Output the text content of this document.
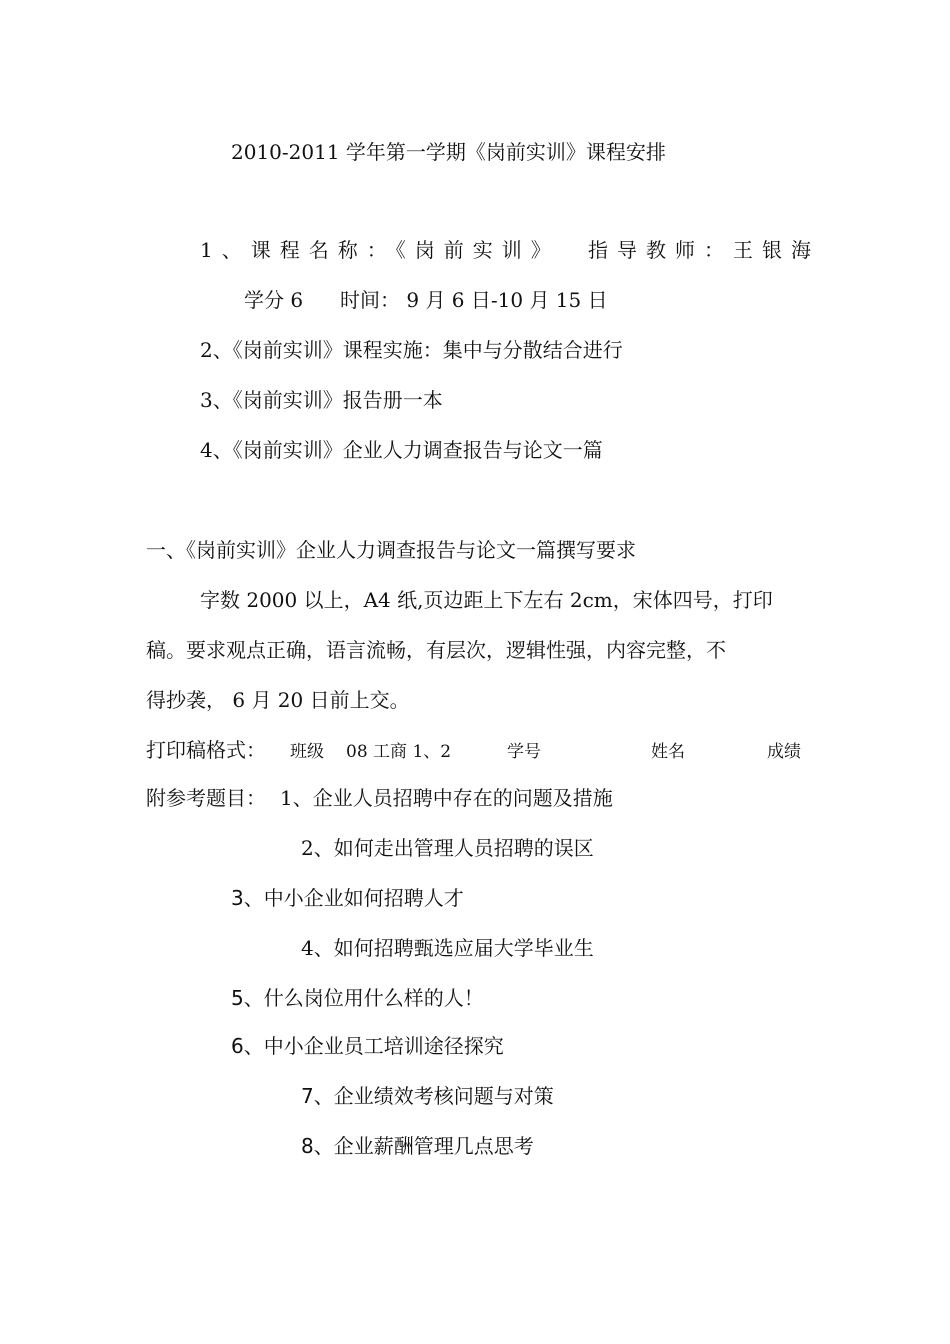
2010-2011 学年第一学期《岗前实训》课程安排
1、课程名称：《岗前实训》 指导教师：王银海
学分 6 时间： 9 月 6 日-10 月 15 日
2、《岗前实训》课程实施：集中与分散结合进行
3、《岗前实训》报告册一本
4、《岗前实训》企业人力调查报告与论文一篇
一、《岗前实训》企业人力调查报告与论文一篇撰写要求
字数 2000 以上，A4 纸,页边距上下左右 2cm，宋体四号，打印
稿。要求观点正确，语言流畅，有层次，逻辑性强，内容完整，不
得抄袭， 6 月 20 日前上交。
打印稿格式： 班级 08 工商 1、2	学号	姓名	成绩
附参考题目： 1、企业人员招聘中存在的问题及措施
2、如何走出管理人员招聘的误区
3、中小企业如何招聘人才
4、如何招聘甄选应届大学毕业生
5、什么岗位用什么样的人！
6、中小企业员工培训途径探究
7、企业绩效考核问题与对策
8、企业薪酬管理几点思考
